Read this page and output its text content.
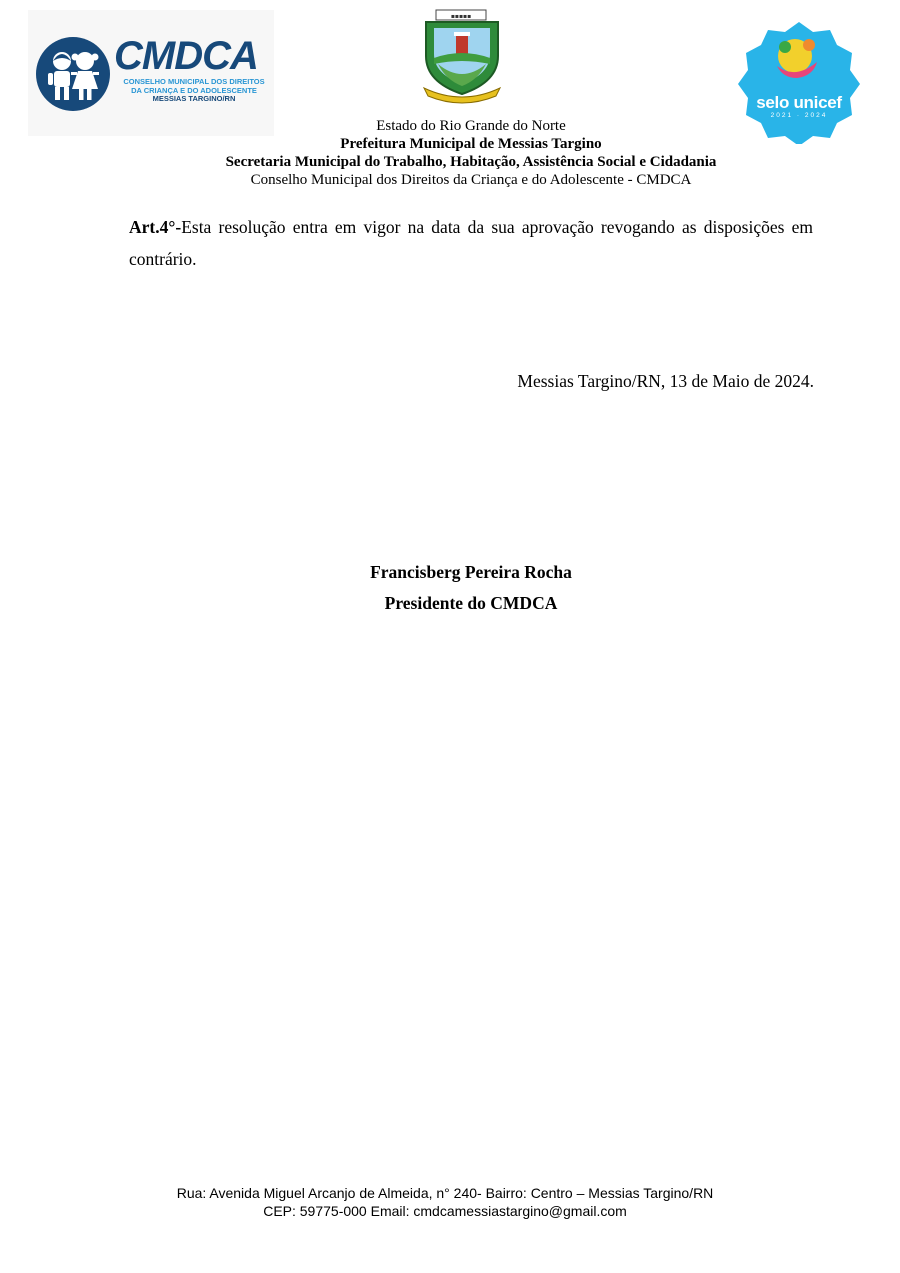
CMDCA
CONSELHO MUNICIPAL DOS DIREITOS
DA CRIANÇA E DO ADOLESCENTE
MESSIAS TARGINO/RN
▪▪▪▪▪
selo unicef
2021 · 2024
Estado do Rio Grande do Norte
Prefeitura Municipal de Messias Targino
Secretaria Municipal do Trabalho, Habitação, Assistência Social e Cidadania
Conselho Municipal dos Direitos da Criança e do Adolescente - CMDCA
Art.4°-Esta resolução entra em vigor na data da sua aprovação revogando as disposições em contrário.
Messias Targino/RN, 13 de Maio de 2024.
Francisberg Pereira Rocha
Presidente do CMDCA
Rua: Avenida Miguel Arcanjo de Almeida, n° 240- Bairro: Centro – Messias Targino/RN
CEP: 59775-000 Email: cmdcamessiastargino@gmail.com
